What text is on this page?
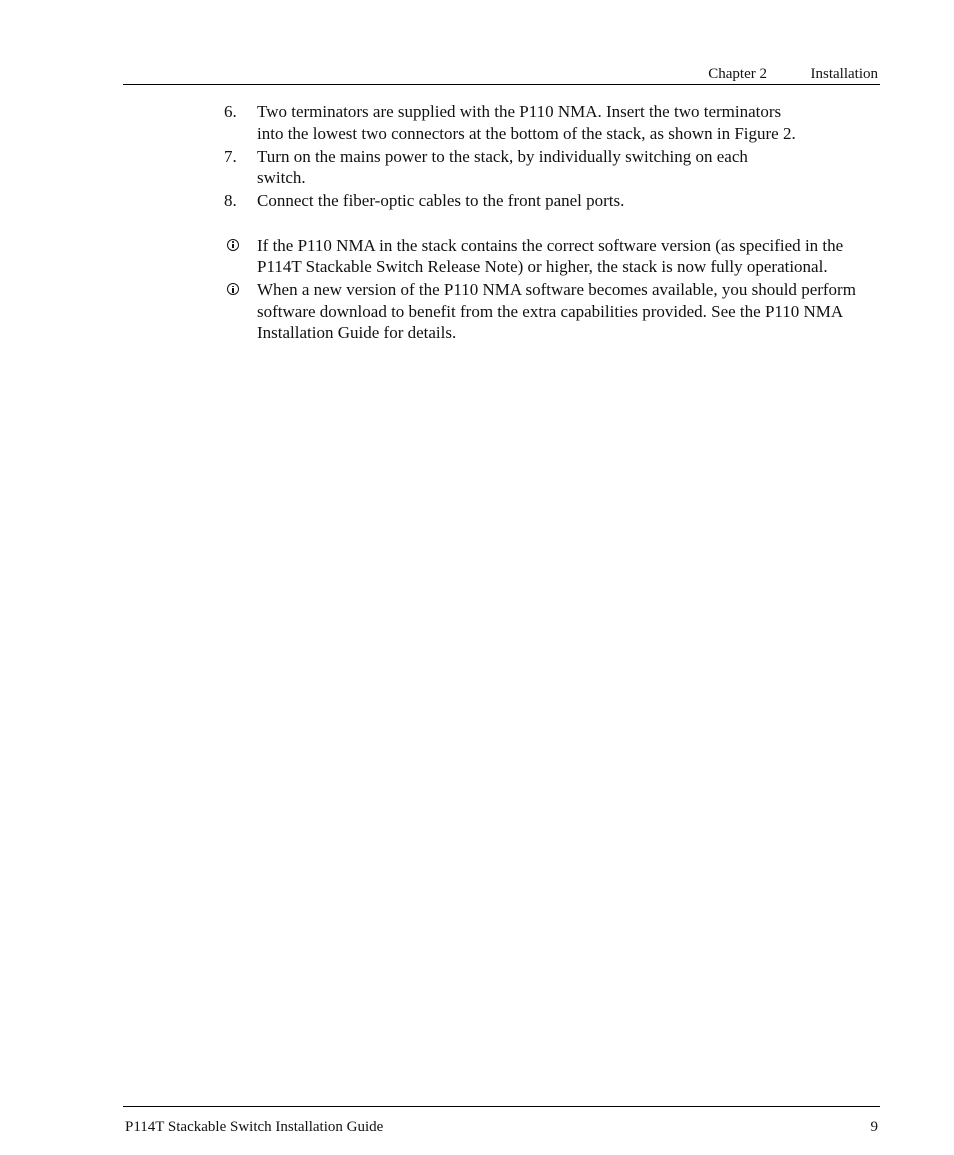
Chapter 2	Installation
6. Two terminators are supplied with the P110 NMA. Insert the two terminators
into the lowest two connectors at the bottom of the stack, as shown in Figure 2.
7. Turn on the mains power to the stack, by individually switching on each
switch.
8. Connect the fiber-optic cables to the front panel ports.
If the P110 NMA in the stack contains the correct software version (as specified in the P114T Stackable Switch Release Note) or higher, the stack is now fully operational.
When a new version of the P110 NMA software becomes available, you should perform software download to benefit from the extra capabilities provided. See the P110 NMA Installation Guide for details.
P114T Stackable Switch Installation Guide	9
